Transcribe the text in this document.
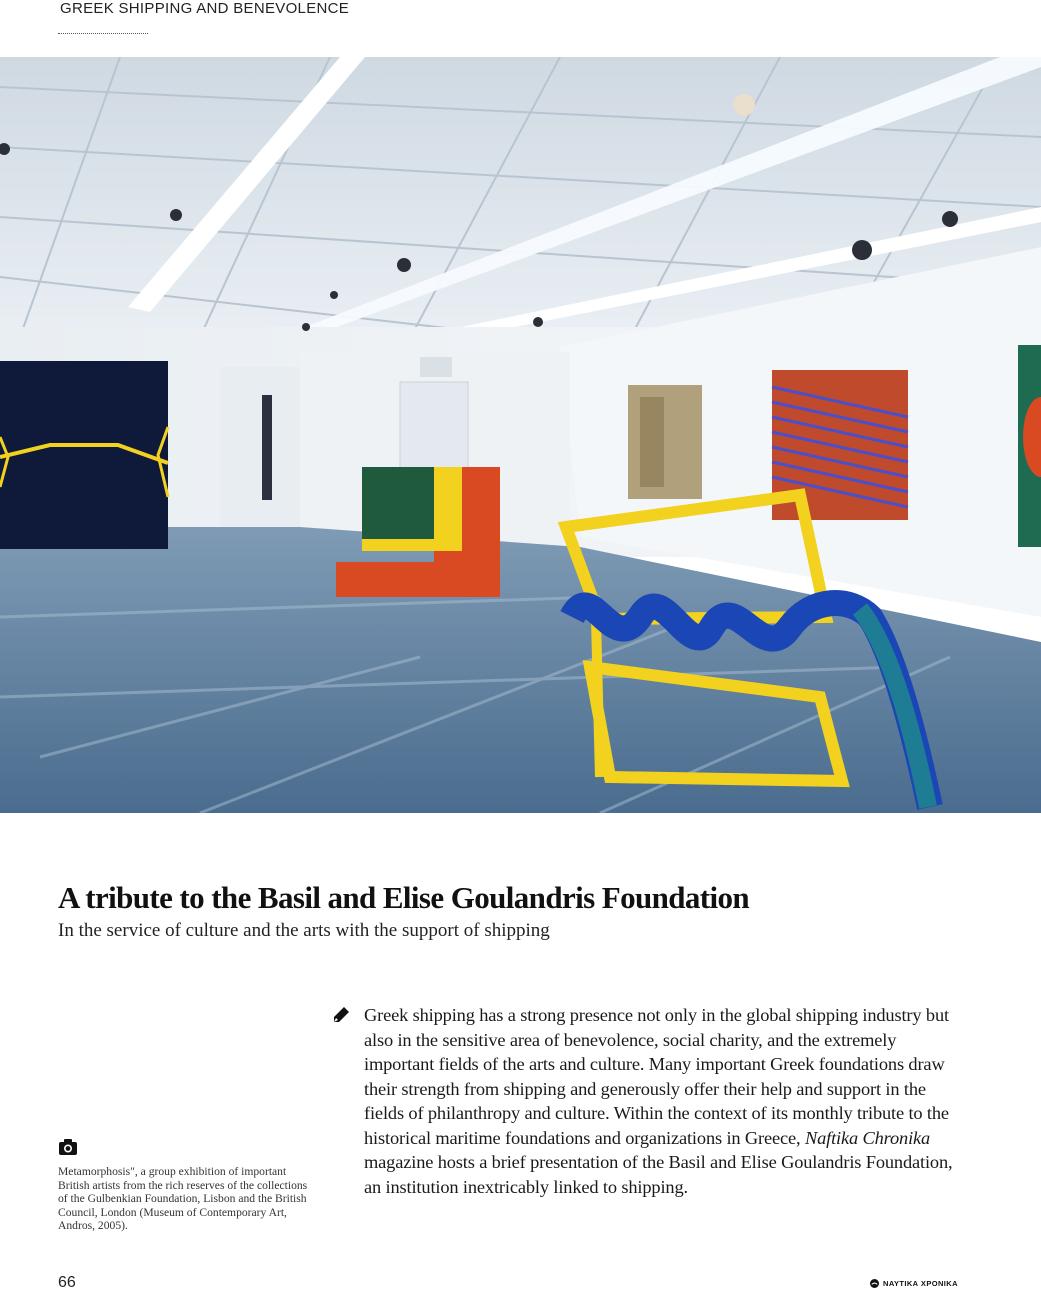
GREEK SHIPPING AND BENEVOLENCE
A tribute to the Basil and Elise Goulandris Foundation
In the service of culture and the arts with the support of shipping
Metamorphosis", a group exhibition of important British artists from the rich reserves of the collections of the Gulbenkian Foundation, Lisbon and the British Council, London (Museum of Contemporary Art, Andros, 2005).
Greek shipping has a strong presence not only in the global shipping industry but also in the sensitive area of benevolence, social charity, and the extremely important fields of the arts and culture. Many important Greek foundations draw their strength from shipping and generously offer their help and support in the fields of philanthropy and culture. Within the context of its monthly tribute to the historical maritime foundations and organizations in Greece, Naftika Chronika magazine hosts a brief presentation of the Basil and Elise Goulandris Foundation, an institution inextricably linked to shipping.
66	ΝΑΥΤΙΚΑ ΧΡΟΝΙΚΑ
